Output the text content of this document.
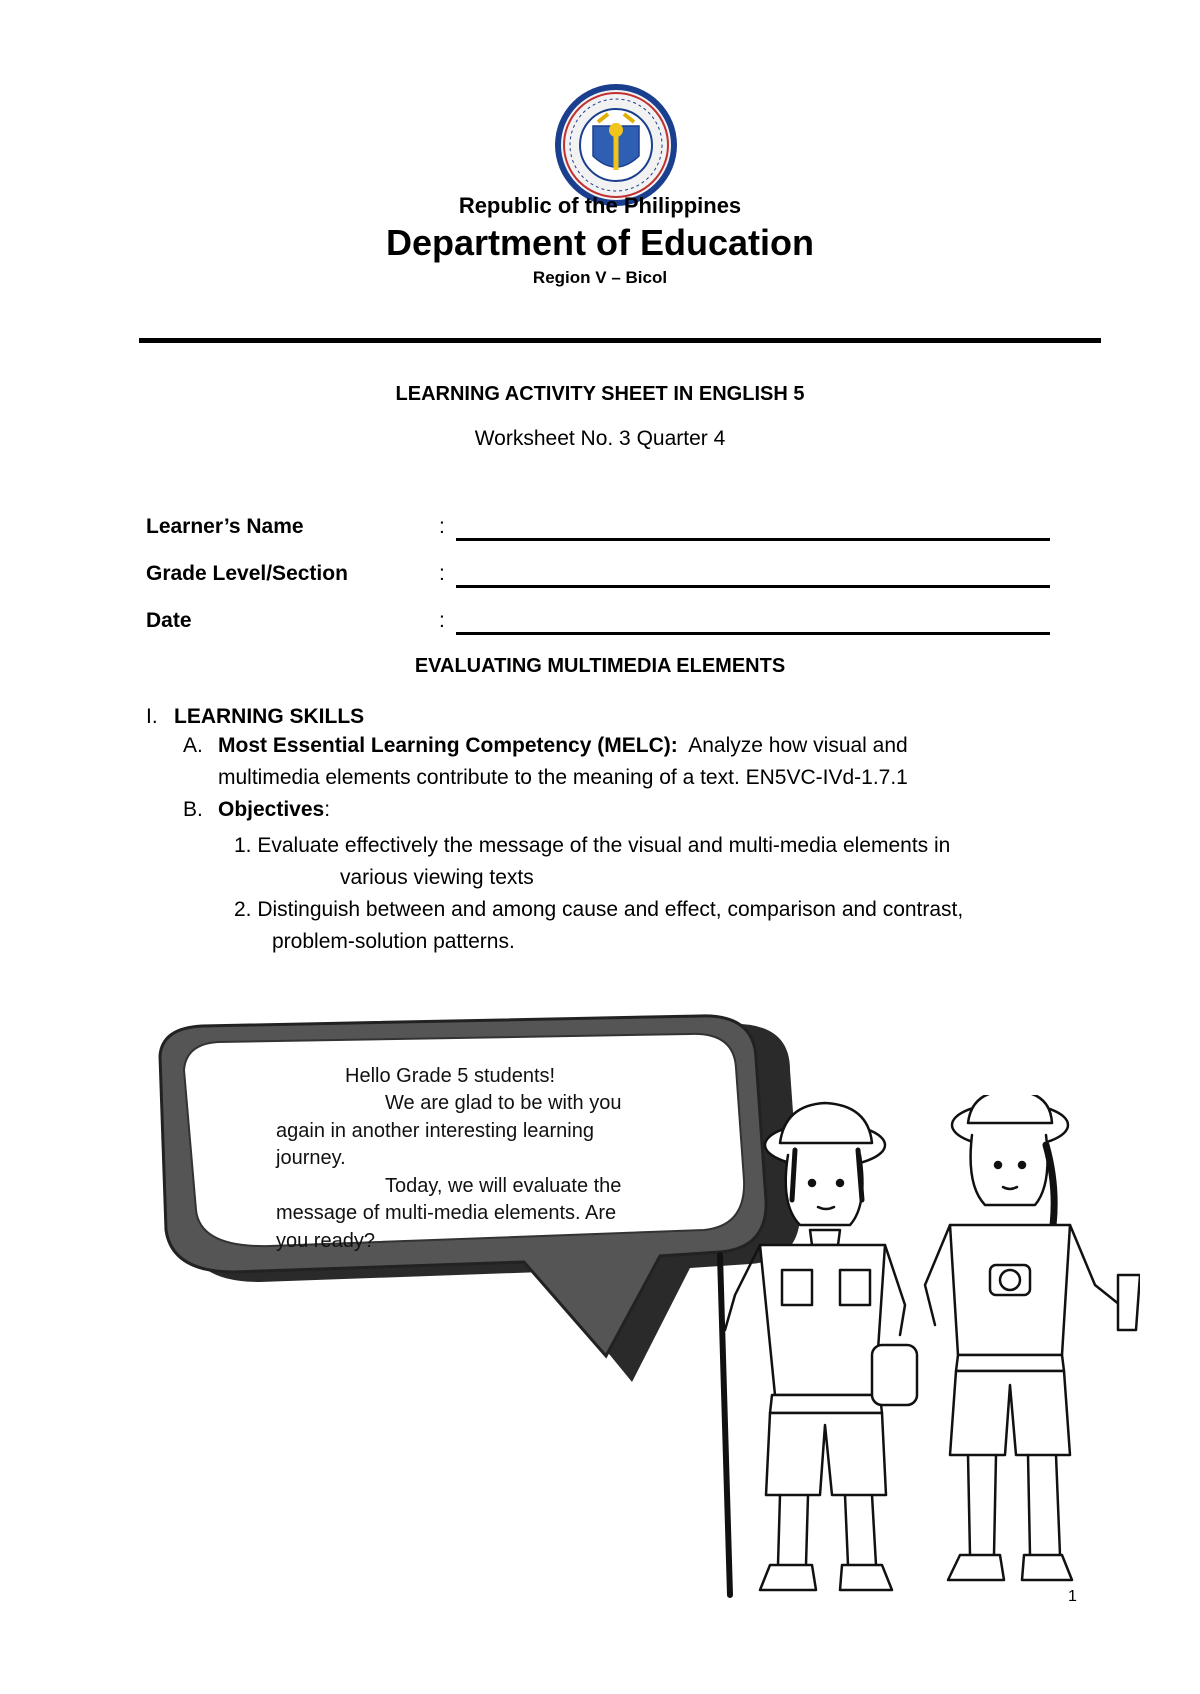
Republic of the Philippines
Department of Education
Region V – Bicol
LEARNING ACTIVITY SHEET IN ENGLISH 5
Worksheet No. 3 Quarter 4
Learner’s Name	:
Grade Level/Section	:
Date	:
EVALUATING MULTIMEDIA ELEMENTS
I. LEARNING SKILLS
A. Most Essential Learning Competency (MELC): Analyze how visual and
multimedia elements contribute to the meaning of a text. EN5VC-IVd-1.7.1
B. Objectives:
1. Evaluate effectively the message of the visual and multi-media elements in
various viewing texts
2. Distinguish between and among cause and effect, comparison and contrast,
problem-solution patterns.
Hello Grade 5 students!
We are glad to be with you
again in another interesting learning
journey.
Today, we will evaluate the
message of multi-media elements. Are
you ready?
1
